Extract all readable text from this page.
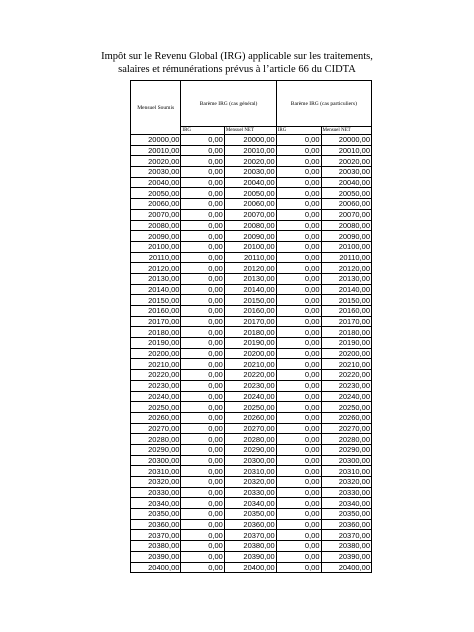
Impôt sur le Revenu Global (IRG) applicable sur les traitements,
salaires et rémunérations prévus à l’article 66 du CIDTA
Mensuel Soumis	Barème IRG (cas général)		Barème IRG (cas particuliers)	
	IRG	Mensuel NET	IRG	Mensuel NET
20000,00	0,00	20000,00	0,00	20000,00
20010,00	0,00	20010,00	0,00	20010,00
20020,00	0,00	20020,00	0,00	20020,00
20030,00	0,00	20030,00	0,00	20030,00
20040,00	0,00	20040,00	0,00	20040,00
20050,00	0,00	20050,00	0,00	20050,00
20060,00	0,00	20060,00	0,00	20060,00
20070,00	0,00	20070,00	0,00	20070,00
20080,00	0,00	20080,00	0,00	20080,00
20090,00	0,00	20090,00	0,00	20090,00
20100,00	0,00	20100,00	0,00	20100,00
20110,00	0,00	20110,00	0,00	20110,00
20120,00	0,00	20120,00	0,00	20120,00
20130,00	0,00	20130,00	0,00	20130,00
20140,00	0,00	20140,00	0,00	20140,00
20150,00	0,00	20150,00	0,00	20150,00
20160,00	0,00	20160,00	0,00	20160,00
20170,00	0,00	20170,00	0,00	20170,00
20180,00	0,00	20180,00	0,00	20180,00
20190,00	0,00	20190,00	0,00	20190,00
20200,00	0,00	20200,00	0,00	20200,00
20210,00	0,00	20210,00	0,00	20210,00
20220,00	0,00	20220,00	0,00	20220,00
20230,00	0,00	20230,00	0,00	20230,00
20240,00	0,00	20240,00	0,00	20240,00
20250,00	0,00	20250,00	0,00	20250,00
20260,00	0,00	20260,00	0,00	20260,00
20270,00	0,00	20270,00	0,00	20270,00
20280,00	0,00	20280,00	0,00	20280,00
20290,00	0,00	20290,00	0,00	20290,00
20300,00	0,00	20300,00	0,00	20300,00
20310,00	0,00	20310,00	0,00	20310,00
20320,00	0,00	20320,00	0,00	20320,00
20330,00	0,00	20330,00	0,00	20330,00
20340,00	0,00	20340,00	0,00	20340,00
20350,00	0,00	20350,00	0,00	20350,00
20360,00	0,00	20360,00	0,00	20360,00
20370,00	0,00	20370,00	0,00	20370,00
20380,00	0,00	20380,00	0,00	20380,00
20390,00	0,00	20390,00	0,00	20390,00
20400,00	0,00	20400,00	0,00	20400,00
